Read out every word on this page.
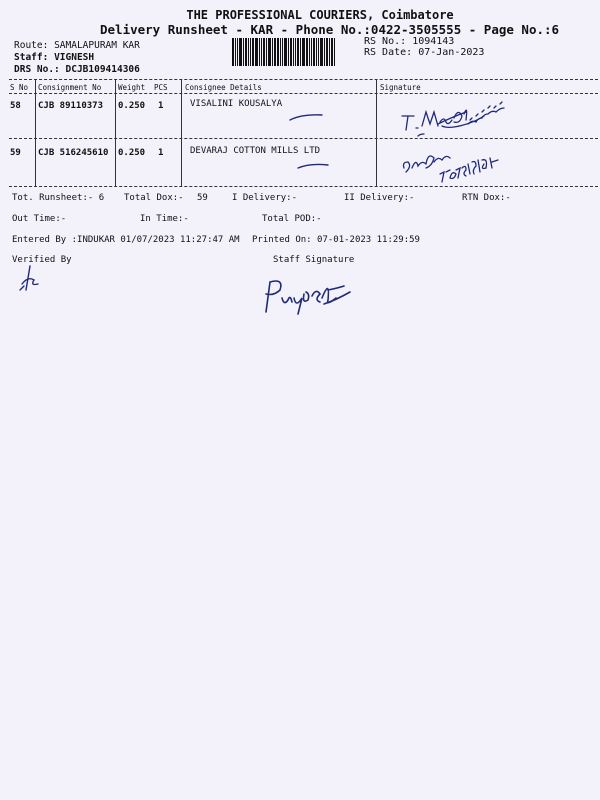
THE PROFESSIONAL COURIERS, Coimbatore
Delivery Runsheet - KAR - Phone No.:0422-3505555 - Page No.:6
Route: SAMALAPURAM KAR
Staff: VIGNESH
DRS No.: DCJB109414306
RS No.: 1094143
RS Date: 07-Jan-2023
S No Consignment No Weight PCS Consignee Details	Signature
58 CJB 89110373 0.250 1	VISALINI KOUSALYA
59 CJB 516245610 0.250 1	DEVARAJ COTTON MILLS LTD
Tot. Runsheet:- 6 Total Dox:- 59	I Delivery:-	II Delivery:-	RTN Dox:-
Out Time:-	In Time:-	Total POD:-
Entered By :INDUKAR 01/07/2023 11:27:47 AM Printed On: 07-01-2023 11:29:59
Verified By	Staff Signature
